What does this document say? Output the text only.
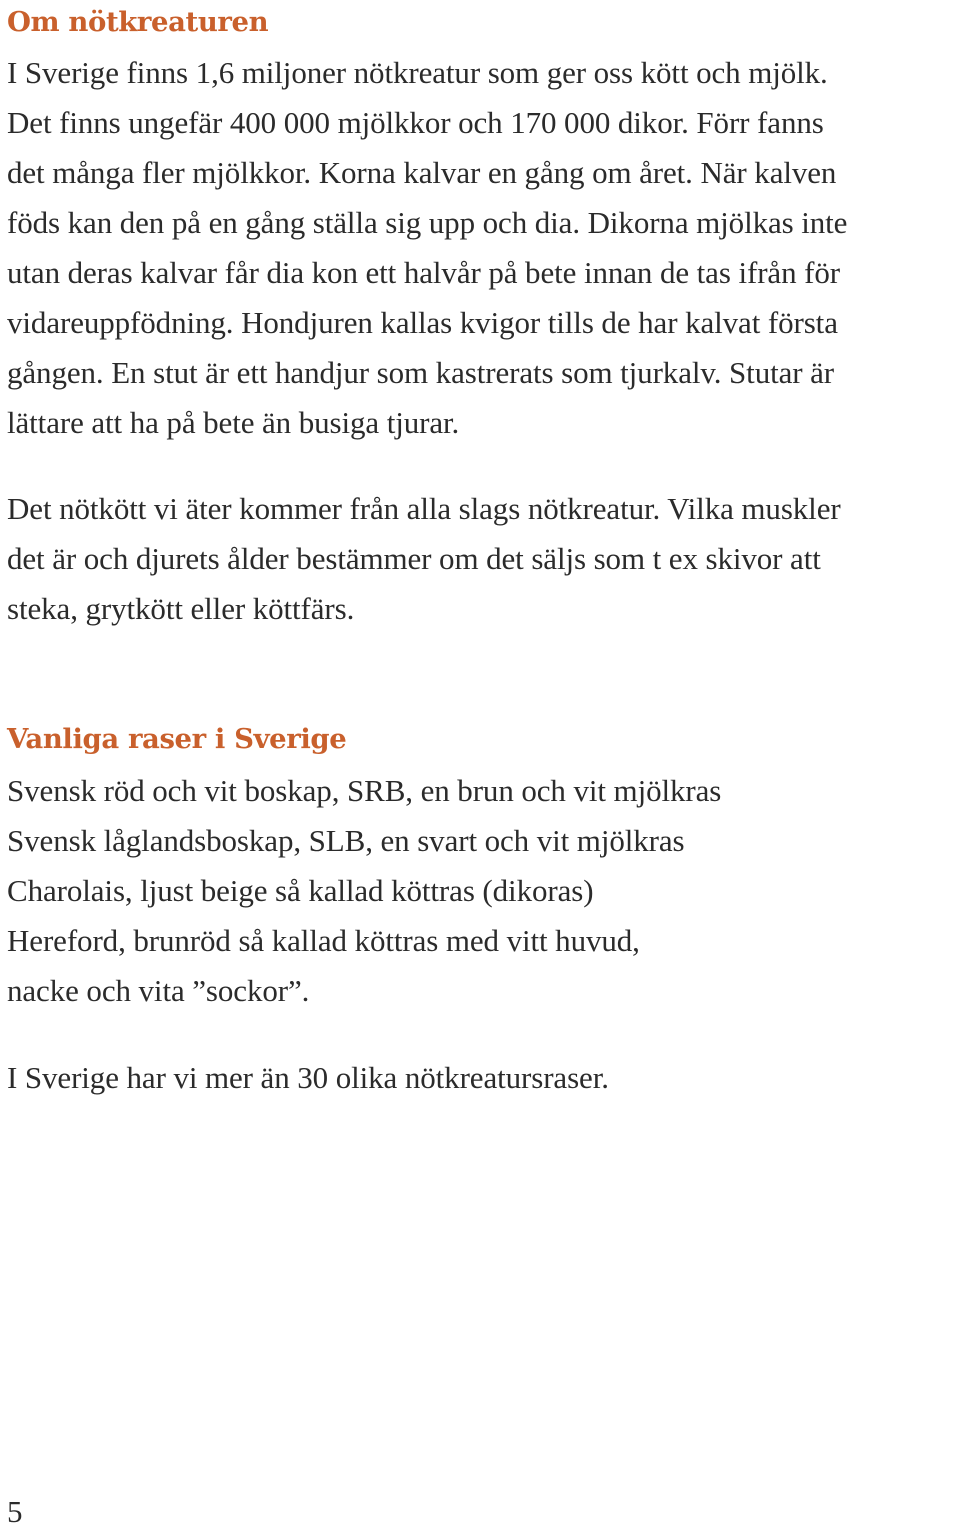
Om nötkreaturen
I Sverige finns 1,6 miljoner nötkreatur som ger oss kött och mjölk.
Det finns ungefär 400 000 mjölkkor och 170 000 dikor. Förr fanns
det många fler mjölkkor. Korna kalvar en gång om året. När kalven
föds kan den på en gång ställa sig upp och dia. Dikorna mjölkas inte
utan deras kalvar får dia kon ett halvår på bete innan de tas ifrån för
vidareuppfödning. Hondjuren kallas kvigor tills de har kalvat första
gången. En stut är ett handjur som kastrerats som tjurkalv. Stutar är
lättare att ha på bete än busiga tjurar.
Det nötkött vi äter kommer från alla slags nötkreatur. Vilka muskler
det är och djurets ålder bestämmer om det säljs som t ex skivor att
steka, grytkött eller köttfärs.
Vanliga raser i Sverige
Svensk röd och vit boskap, SRB, en brun och vit mjölkras
Svensk låglandsboskap, SLB, en svart och vit mjölkras
Charolais, ljust beige så kallad köttras (dikoras)
Hereford, brunröd så kallad köttras med vitt huvud,
nacke och vita ”sockor”.
I Sverige har vi mer än 30 olika nötkreatursraser.
5
